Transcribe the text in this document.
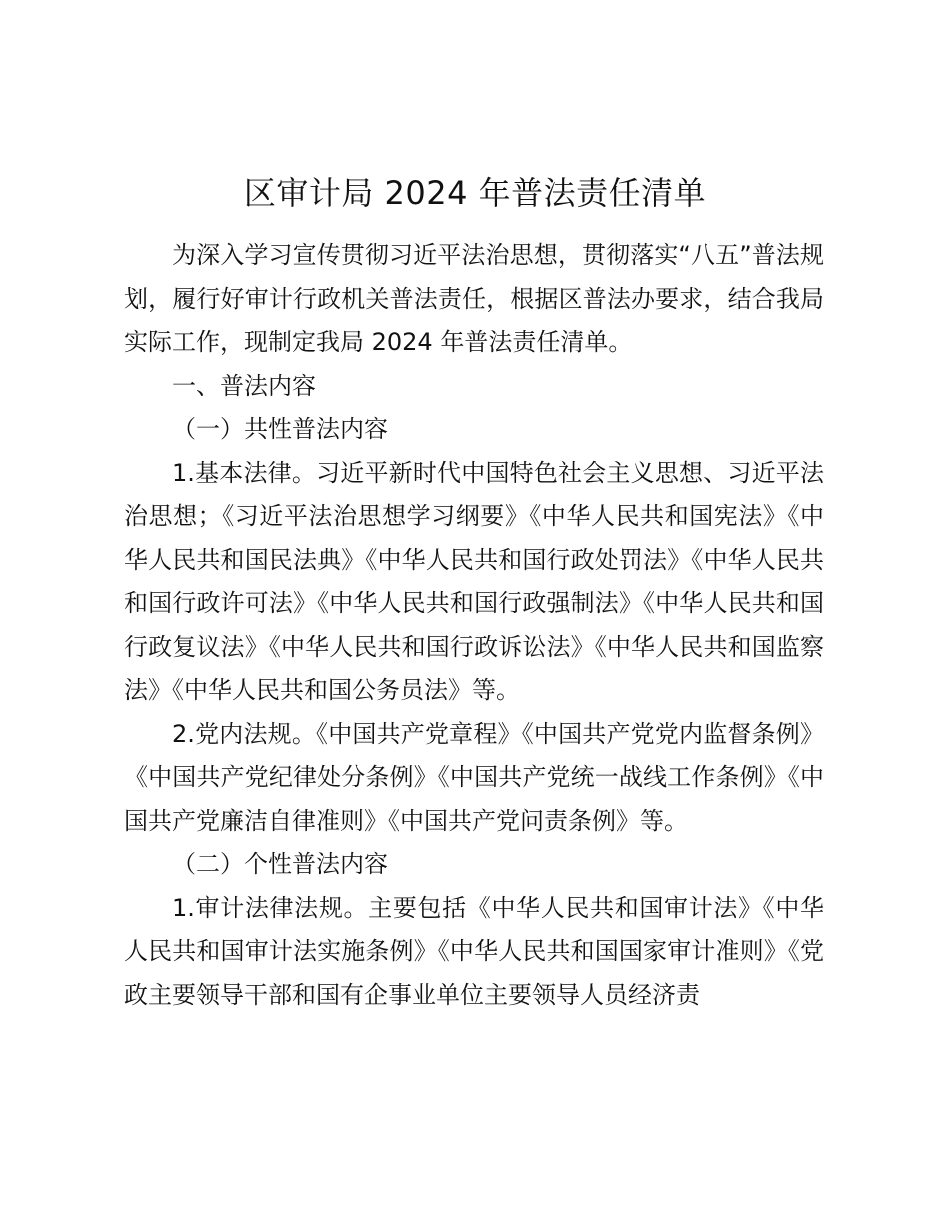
区审计局 2024 年普法责任清单

为深入学习宣传贯彻习近平法治思想，贯彻落实“八五”普法规划，履行好审计行政机关普法责任，根据区普法办要求，结合我局实际工作，现制定我局 2024 年普法责任清单。

一、普法内容

（一）共性普法内容

1.基本法律。习近平新时代中国特色社会主义思想、习近平法治思想；《习近平法治思想学习纲要》《中华人民共和国宪法》《中华人民共和国民法典》《中华人民共和国行政处罚法》《中华人民共和国行政许可法》《中华人民共和国行政强制法》《中华人民共和国行政复议法》《中华人民共和国行政诉讼法》《中华人民共和国监察法》《中华人民共和国公务员法》等。

2.党内法规。《中国共产党章程》《中国共产党党内监督条例》《中国共产党纪律处分条例》《中国共产党统一战线工作条例》《中国共产党廉洁自律准则》《中国共产党问责条例》等。

（二）个性普法内容

1.审计法律法规。主要包括《中华人民共和国审计法》《中华人民共和国审计法实施条例》《中华人民共和国国家审计准则》《党政主要领导干部和国有企事业单位主要领导人员经济责
